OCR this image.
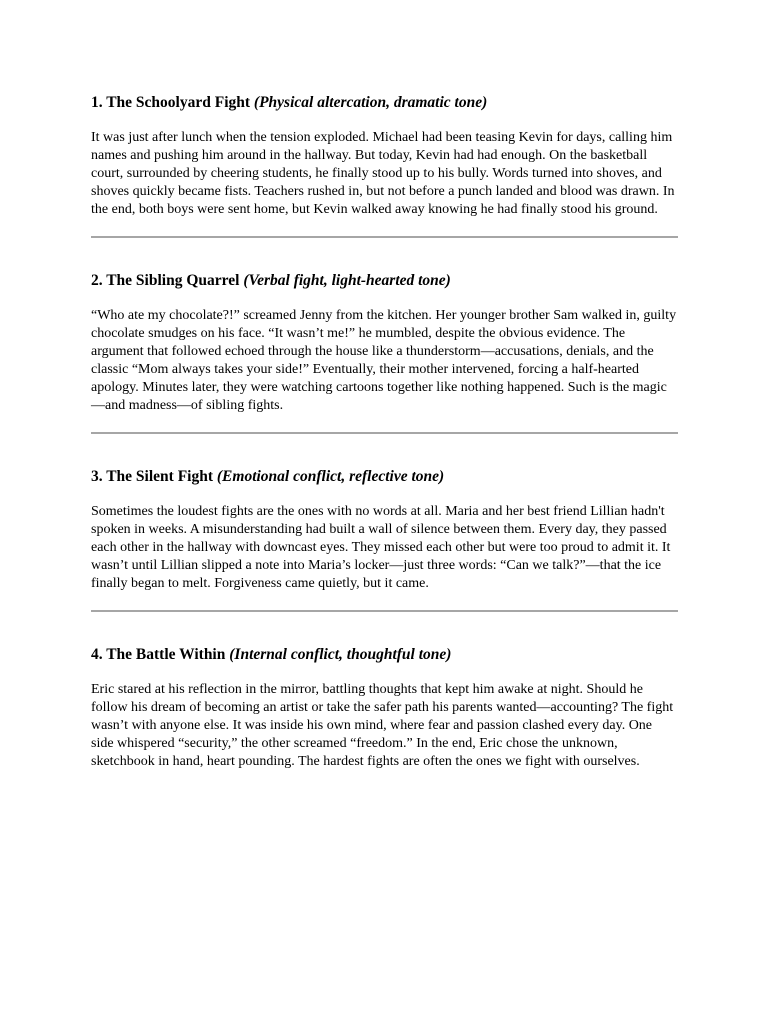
1. The Schoolyard Fight (Physical altercation, dramatic tone)

It was just after lunch when the tension exploded. Michael had been teasing Kevin for days, calling him names and pushing him around in the hallway. But today, Kevin had had enough. On the basketball court, surrounded by cheering students, he finally stood up to his bully. Words turned into shoves, and shoves quickly became fists. Teachers rushed in, but not before a punch landed and blood was drawn. In the end, both boys were sent home, but Kevin walked away knowing he had finally stood his ground.

2. The Sibling Quarrel (Verbal fight, light-hearted tone)

“Who ate my chocolate?!” screamed Jenny from the kitchen. Her younger brother Sam walked in, guilty chocolate smudges on his face. “It wasn’t me!” he mumbled, despite the obvious evidence. The argument that followed echoed through the house like a thunderstorm—accusations, denials, and the classic “Mom always takes your side!” Eventually, their mother intervened, forcing a half-hearted apology. Minutes later, they were watching cartoons together like nothing happened. Such is the magic—and madness—of sibling fights.

3. The Silent Fight (Emotional conflict, reflective tone)

Sometimes the loudest fights are the ones with no words at all. Maria and her best friend Lillian hadn't spoken in weeks. A misunderstanding had built a wall of silence between them. Every day, they passed each other in the hallway with downcast eyes. They missed each other but were too proud to admit it. It wasn’t until Lillian slipped a note into Maria’s locker—just three words: “Can we talk?”—that the ice finally began to melt. Forgiveness came quietly, but it came.

4. The Battle Within (Internal conflict, thoughtful tone)

Eric stared at his reflection in the mirror, battling thoughts that kept him awake at night. Should he follow his dream of becoming an artist or take the safer path his parents wanted—accounting? The fight wasn’t with anyone else. It was inside his own mind, where fear and passion clashed every day. One side whispered “security,” the other screamed “freedom.” In the end, Eric chose the unknown, sketchbook in hand, heart pounding. The hardest fights are often the ones we fight with ourselves.
